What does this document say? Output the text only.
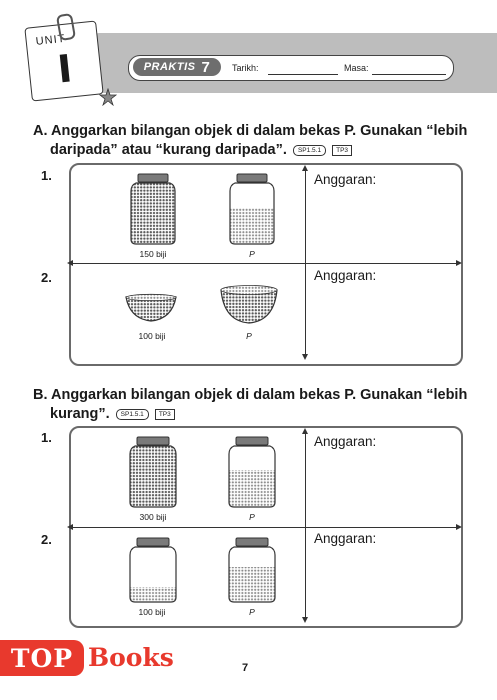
PRAKTIS 7 Tarikh:	Masa:
UNIT
I
A. Anggarkan bilangan objek di dalam bekas P. Gunakan “lebih
daripada” atau “kurang daripada”. SP1.5.1 TP3
1.
2.
150 biji	P
Anggaran:
100 biji	P
Anggaran:
B. Anggarkan bilangan objek di dalam bekas P. Gunakan “lebih
kurang”. SP1.5.1 TP3
1.
2.
300 biji	P
Anggaran:
100 biji	P
Anggaran:
7
TOP Books
